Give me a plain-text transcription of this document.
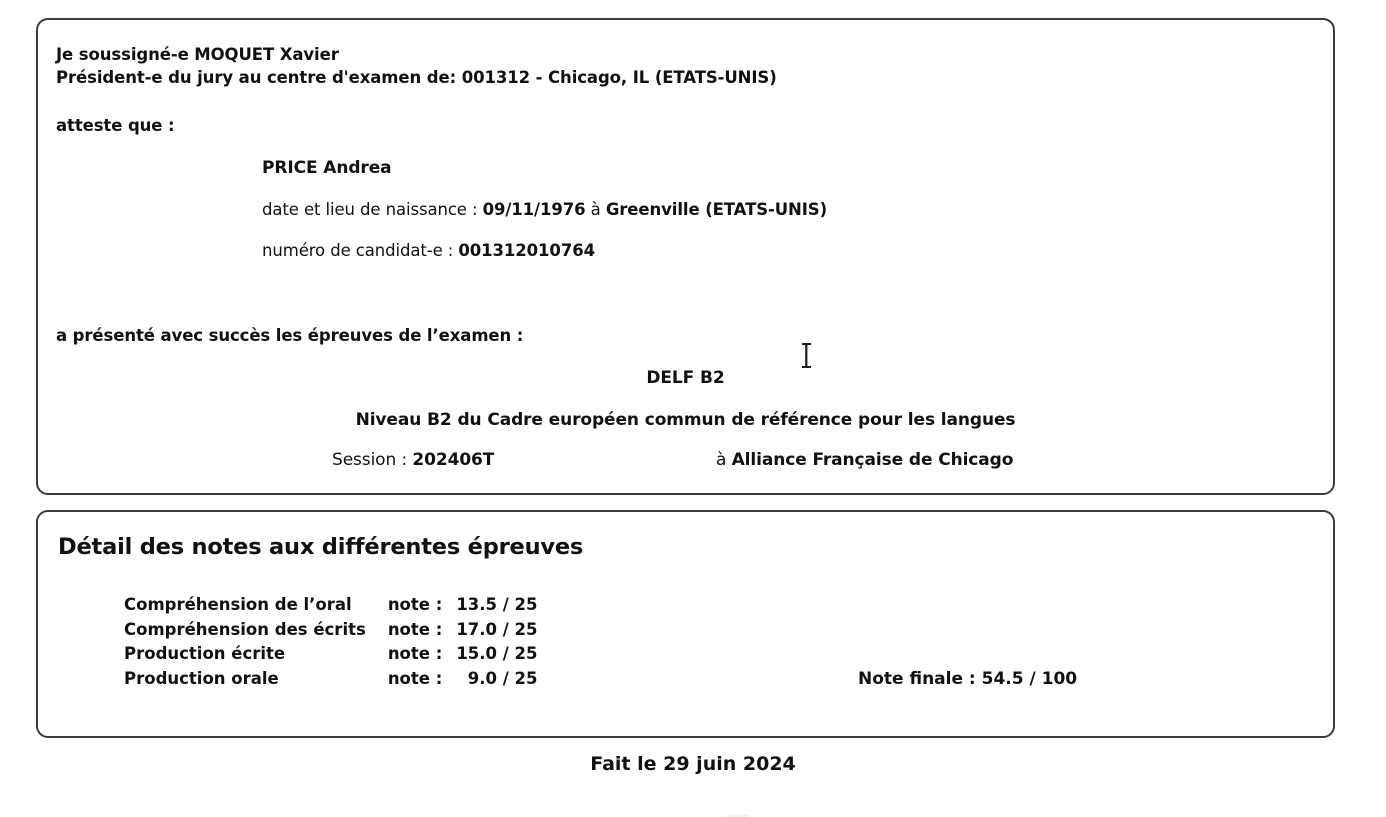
Je soussigné-e MOQUET Xavier
Président-e du jury au centre d'examen de: 001312 - Chicago, IL (ETATS-UNIS)
atteste que :
PRICE Andrea
date et lieu de naissance : 09/11/1976 à Greenville (ETATS-UNIS)
numéro de candidat-e : 001312010764
a présenté avec succès les épreuves de l’examen :
DELF B2
Niveau B2 du Cadre européen commun de référence pour les langues
Session : 202406T	à Alliance Française de Chicago
Détail des notes aux différentes épreuves
Compréhension de l’oral	note :	13.5 / 25
Compréhension des écrits	note :	17.0 / 25
Production écrite	note :	15.0 / 25
Production orale	note :	9.0 / 25	Note finale : 54.5 / 100
Fait le 29 juin 2024
